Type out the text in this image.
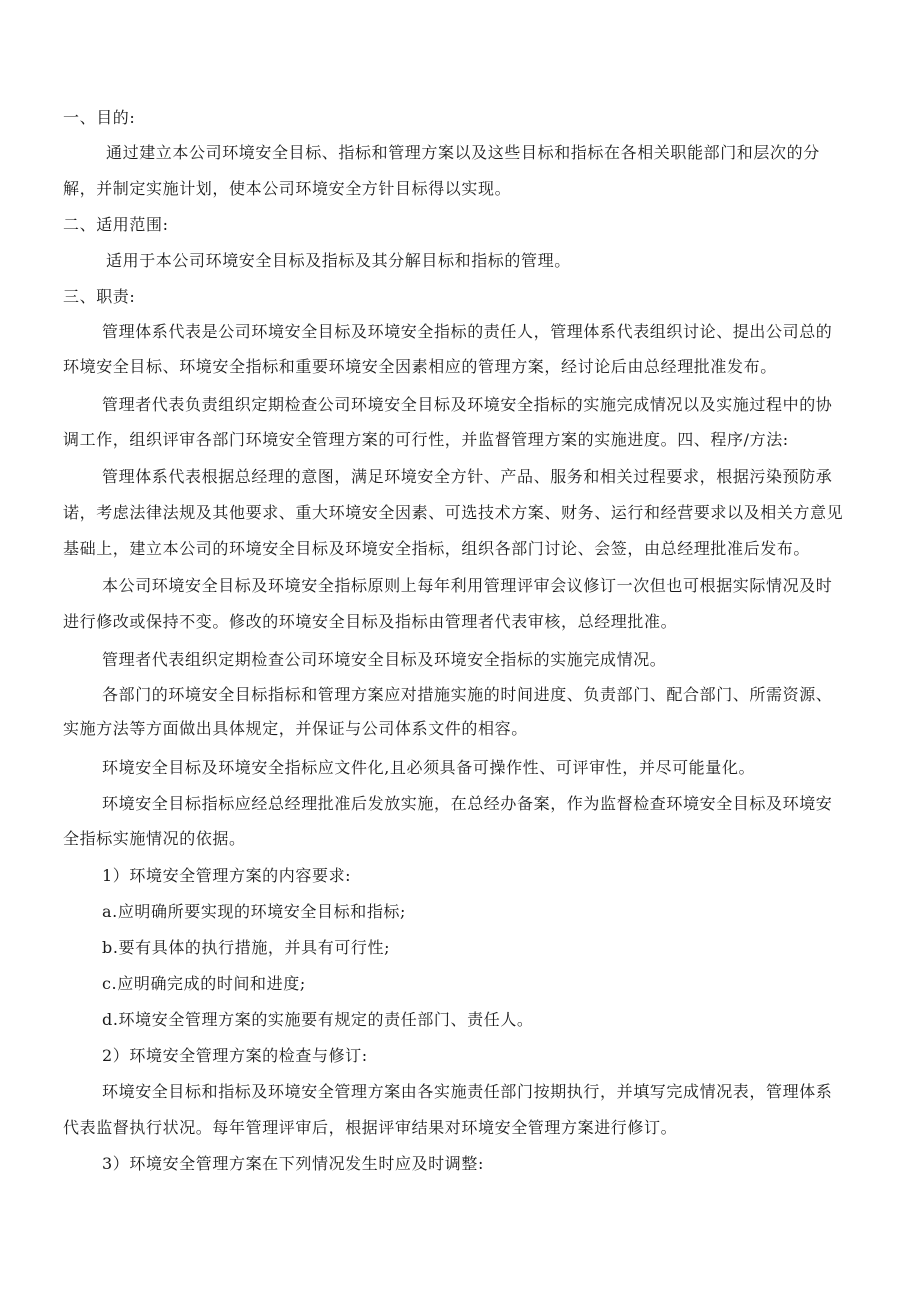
一、目的:
通过建立本公司环境安全目标、指标和管理方案以及这些目标和指标在各相关职能部门和层次的分
解，并制定实施计划，使本公司环境安全方针目标得以实现。
二、适用范围:
适用于本公司环境安全目标及指标及其分解目标和指标的管理。
三、职责:
管理体系代表是公司环境安全目标及环境安全指标的责任人，管理体系代表组织讨论、提出公司总的
环境安全目标、环境安全指标和重要环境安全因素相应的管理方案，经讨论后由总经理批准发布。
管理者代表负责组织定期检查公司环境安全目标及环境安全指标的实施完成情况以及实施过程中的协
调工作，组织评审各部门环境安全管理方案的可行性，并监督管理方案的实施进度。四、程序/方法:
管理体系代表根据总经理的意图，满足环境安全方针、产品、服务和相关过程要求，根据污染预防承
诺，考虑法律法规及其他要求、重大环境安全因素、可选技术方案、财务、运行和经营要求以及相关方意见
基础上，建立本公司的环境安全目标及环境安全指标，组织各部门讨论、会签，由总经理批准后发布。
本公司环境安全目标及环境安全指标原则上每年利用管理评审会议修订一次但也可根据实际情况及时
进行修改或保持不变。修改的环境安全目标及指标由管理者代表审核，总经理批准。
管理者代表组织定期检查公司环境安全目标及环境安全指标的实施完成情况。
各部门的环境安全目标指标和管理方案应对措施实施的时间进度、负责部门、配合部门、所需资源、
实施方法等方面做出具体规定，并保证与公司体系文件的相容。
环境安全目标及环境安全指标应文件化,且必须具备可操作性、可评审性，并尽可能量化。
环境安全目标指标应经总经理批准后发放实施，在总经办备案，作为监督检查环境安全目标及环境安
全指标实施情况的依据。
1）环境安全管理方案的内容要求:
a.应明确所要实现的环境安全目标和指标;
b.要有具体的执行措施，并具有可行性;
c.应明确完成的时间和进度;
d.环境安全管理方案的实施要有规定的责任部门、责任人。
2）环境安全管理方案的检查与修订:
环境安全目标和指标及环境安全管理方案由各实施责任部门按期执行，并填写完成情况表，管理体系
代表监督执行状况。每年管理评审后，根据评审结果对环境安全管理方案进行修订。
3）环境安全管理方案在下列情况发生时应及时调整:
